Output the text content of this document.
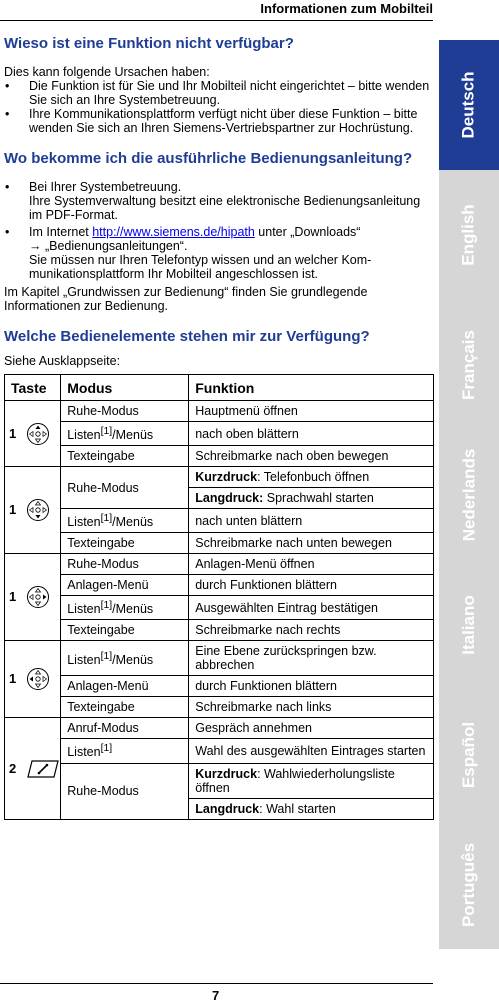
Informationen zum Mobilteil
Wieso ist eine Funktion nicht verfügbar?

Dies kann folgende Ursachen haben:

• Die Funktion ist für Sie und Ihr Mobilteil nicht eingerichtet – bitte wenden Sie sich an Ihre Systembetreuung.
• Ihre Kommunikationsplattform verfügt nicht über diese Funktion – bitte wenden Sie sich an Ihren Siemens-Vertriebspartner zur Hochrüstung.
Wo bekomme ich die ausführliche Bedienungsanleitung?
• Bei Ihrer Systembetreuung.
Ihre Systemverwaltung besitzt eine elektronische Bedienungsanleitung im PDF-Format.
• Im Internet http://www.siemens.de/hipath unter „Downloads“
→ „Bedienungsanleitungen“.
Sie müssen nur Ihren Telefontyp wissen und an welcher Kommunikationsplattform Ihr Mobilteil angeschlossen ist.

Im Kapitel „Grundwissen zur Bedienung“ finden Sie grundlegende Informationen zur Bedienung.

Welche Bedienelemente stehen mir zur Verfügung?

Siehe Ausklappseite:

Taste	Modus	Funktion

1	Ruhe-Modus	Hauptmenü öffnen
	Listen[1]/Menüs	nach oben blättern
	Texteingabe	Schreibmarke nach oben bewegen

1	Ruhe-Modus	Kurzdruck: Telefonbuch öffnen
		Langdruck: Sprachwahl starten
	Listen[1]/Menüs	nach unten blättern
	Texteingabe	Schreibmarke nach unten bewegen

1	Ruhe-Modus	Anlagen-Menü öffnen
	Anlagen-Menü	durch Funktionen blättern
	Listen[1]/Menüs	Ausgewählten Eintrag bestätigen
	Texteingabe	Schreibmarke nach rechts

1	Listen[1]/Menüs	Eine Ebene zurückspringen bzw. abbrechen
	Anlagen-Menü	durch Funktionen blättern
	Texteingabe	Schreibmarke nach links

2	Anruf-Modus	Gespräch annehmen
	Listen[1]	Wahl des ausgewählten Eintrages starten
	Ruhe-Modus	Kurzdruck: Wahlwiederholungsliste öffnen
		Langdruck: Wahl starten
7
Deutsch
English
Français
Nederlands
Italiano
Español
Português
